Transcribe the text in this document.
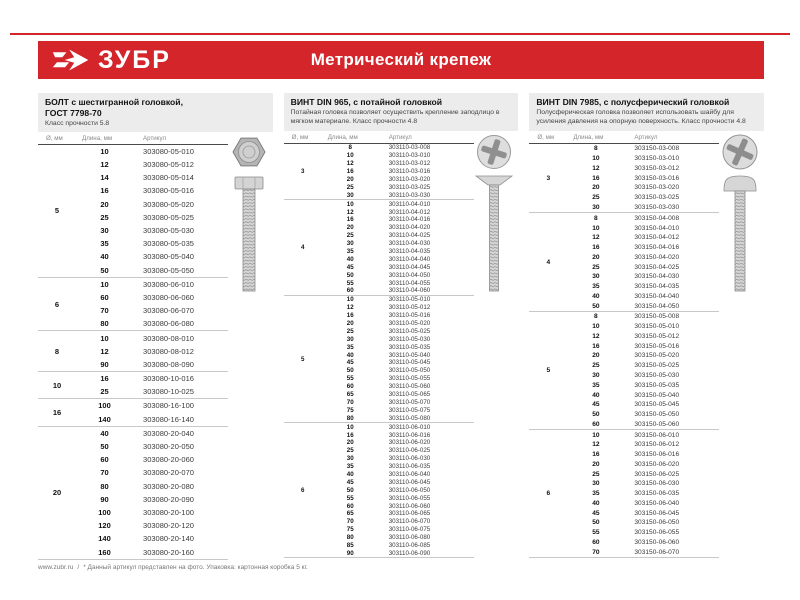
ЗУБР	Метрический крепеж
БОЛТ с шестигранной головкой,
ГОСТ 7798-70
Класс прочности 5.8
Ø, мм	Длина, мм	Артикул
5
10	303080-05-010
12	303080-05-012
14	303080-05-014
16	303080-05-016
20	303080-05-020
25	303080-05-025
30	303080-05-030
35	303080-05-035
40	303080-05-040
50	303080-05-050
6
10	303080-06-010
60	303080-06-060
70	303080-06-070
80	303080-06-080
8
10	303080-08-010
12	303080-08-012
90	303080-08-090
10
16	303080-10-016
25	303080-10-025
16
100	303080-16-100
140	303080-16-140
20
40	303080-20-040
50	303080-20-050
60	303080-20-060
70	303080-20-070
80	303080-20-080
90	303080-20-090
100	303080-20-100
120	303080-20-120
140	303080-20-140
160	303080-20-160
ВИНТ DIN 965, с потайной головкой
Потайная головка позволяет осуществить крепление заподлицо в мягком материале. Класс прочности 4.8
Ø, мм	Длина, мм	Артикул
3
8	303110-03-008
10	303110-03-010
12	303110-03-012
16	303110-03-016
20	303110-03-020
25	303110-03-025
30	303110-03-030
4
10	303110-04-010
12	303110-04-012
16	303110-04-016
20	303110-04-020
25	303110-04-025
30	303110-04-030
35	303110-04-035
40	303110-04-040
45	303110-04-045
50	303110-04-050
55	303110-04-055
60	303110-04-060
5
10	303110-05-010
12	303110-05-012
16	303110-05-016
20	303110-05-020
25	303110-05-025
30	303110-05-030
35	303110-05-035
40	303110-05-040
45	303110-05-045
50	303110-05-050
55	303110-05-055
60	303110-05-060
65	303110-05-065
70	303110-05-070
75	303110-05-075
80	303110-05-080
6
10	303110-06-010
16	303110-06-016
20	303110-06-020
25	303110-06-025
30	303110-06-030
35	303110-06-035
40	303110-06-040
45	303110-06-045
50	303110-06-050
55	303110-06-055
60	303110-06-060
65	303110-06-065
70	303110-06-070
75	303110-06-075
80	303110-06-080
85	303110-06-085
90	303110-06-090
ВИНТ DIN 7985, с полусферический головкой
Полусферическая головка позволяет использовать шайбу для усиления давления на опорную поверхность. Класс прочности 4.8
Ø, мм	Длина, мм	Артикул
3
8	303150-03-008
10	303150-03-010
12	303150-03-012
16	303150-03-016
20	303150-03-020
25	303150-03-025
30	303150-03-030
4
8	303150-04-008
10	303150-04-010
12	303150-04-012
16	303150-04-016
20	303150-04-020
25	303150-04-025
30	303150-04-030
35	303150-04-035
40	303150-04-040
50	303150-04-050
5
8	303150-05-008
10	303150-05-010
12	303150-05-012
16	303150-05-016
20	303150-05-020
25	303150-05-025
30	303150-05-030
35	303150-05-035
40	303150-05-040
45	303150-05-045
50	303150-05-050
60	303150-05-060
6
10	303150-06-010
12	303150-06-012
16	303150-06-016
20	303150-06-020
25	303150-06-025
30	303150-06-030
35	303150-06-035
40	303150-06-040
45	303150-06-045
50	303150-06-050
55	303150-06-055
60	303150-06-060
70	303150-06-070
www.zubr.ru / * Данный артикул представлен на фото. Упаковка: картонная коробка 5 кг.
